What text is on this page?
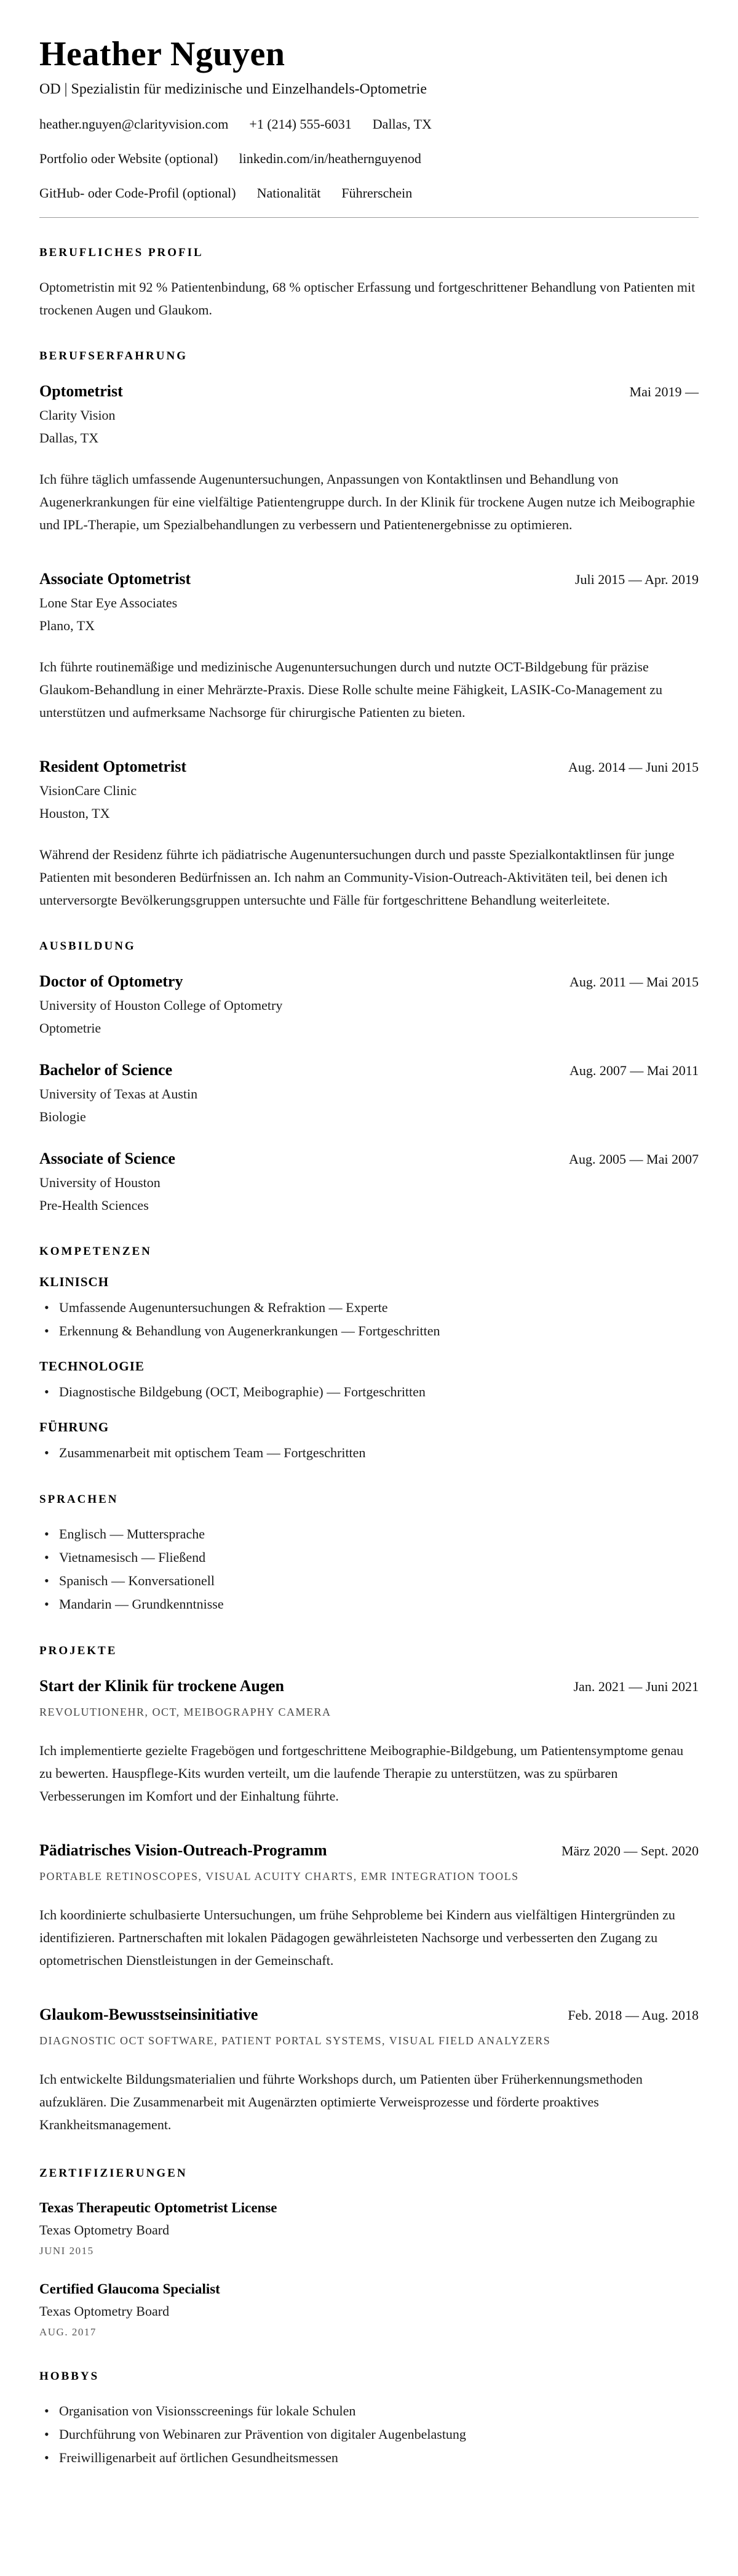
Heather Nguyen
OD | Spezialistin für medizinische und Einzelhandels-Optometrie
heather.nguyen@clarityvision.com +1 (214) 555-6031 Dallas, TX
Portfolio oder Website (optional) linkedin.com/in/heathernguyenod
GitHub- oder Code-Profil (optional) Nationalität Führerschein
BERUFLICHES PROFIL

Optometristin mit 92 % Patientenbindung, 68 % optischer Erfassung und fortgeschrittener Behandlung von Patienten mit trockenen Augen und Glaukom.

BERUFSERFAHRUNG
Optometrist	Mai 2019 —
Clarity Vision
Dallas, TX

Ich führe täglich umfassende Augenuntersuchungen, Anpassungen von Kontaktlinsen und Behandlung von Augenerkrankungen für eine vielfältige Patientengruppe durch. In der Klinik für trockene Augen nutze ich Meibographie und IPL-Therapie, um Spezialbehandlungen zu verbessern und Patientenergebnisse zu optimieren.

Associate Optometrist	Juli 2015 — Apr. 2019
Lone Star Eye Associates
Plano, TX

Ich führte routinemäßige und medizinische Augenuntersuchungen durch und nutzte OCT-Bildgebung für präzise Glaukom-Behandlung in einer Mehrärzte-Praxis. Diese Rolle schulte meine Fähigkeit, LASIK-Co-Management zu unterstützen und aufmerksame Nachsorge für chirurgische Patienten zu bieten.

Resident Optometrist	Aug. 2014 — Juni 2015
VisionCare Clinic
Houston, TX

Während der Residenz führte ich pädiatrische Augenuntersuchungen durch und passte Spezialkontaktlinsen für junge Patienten mit besonderen Bedürfnissen an. Ich nahm an Community-Vision-Outreach-Aktivitäten teil, bei denen ich unterversorgte Bevölkerungsgruppen untersuchte und Fälle für fortgeschrittene Behandlung weiterleitete.

AUSBILDUNG
Doctor of Optometry	Aug. 2011 — Mai 2015
University of Houston College of Optometry
Optometrie
Bachelor of Science	Aug. 2007 — Mai 2011
University of Texas at Austin
Biologie
Associate of Science	Aug. 2005 — Mai 2007
University of Houston
Pre-Health Sciences
KOMPETENZEN
KLINISCH
• Umfassende Augenuntersuchungen & Refraktion — Experte
• Erkennung & Behandlung von Augenerkrankungen — Fortgeschritten
TECHNOLOGIE
• Diagnostische Bildgebung (OCT, Meibographie) — Fortgeschritten
FÜHRUNG
• Zusammenarbeit mit optischem Team — Fortgeschritten
SPRACHEN
• Englisch — Muttersprache
• Vietnamesisch — Fließend
• Spanisch — Konversationell
• Mandarin — Grundkenntnisse
PROJEKTE
Start der Klinik für trockene Augen	Jan. 2021 — Juni 2021
REVOLUTIONEHR, OCT, MEIBOGRAPHY CAMERA

Ich implementierte gezielte Fragebögen und fortgeschrittene Meibographie-Bildgebung, um Patientensymptome genau zu bewerten. Hauspflege-Kits wurden verteilt, um die laufende Therapie zu unterstützen, was zu spürbaren Verbesserungen im Komfort und der Einhaltung führte.

Pädiatrisches Vision-Outreach-Programm	März 2020 — Sept. 2020
PORTABLE RETINOSCOPES, VISUAL ACUITY CHARTS, EMR INTEGRATION TOOLS

Ich koordinierte schulbasierte Untersuchungen, um frühe Sehprobleme bei Kindern aus vielfältigen Hintergründen zu identifizieren. Partnerschaften mit lokalen Pädagogen gewährleisteten Nachsorge und verbesserten den Zugang zu optometrischen Dienstleistungen in der Gemeinschaft.

Glaukom-Bewusstseinsinitiative	Feb. 2018 — Aug. 2018
DIAGNOSTIC OCT SOFTWARE, PATIENT PORTAL SYSTEMS, VISUAL FIELD ANALYZERS

Ich entwickelte Bildungsmaterialien und führte Workshops durch, um Patienten über Früherkennungsmethoden aufzuklären. Die Zusammenarbeit mit Augenärzten optimierte Verweisprozesse und förderte proaktives Krankheitsmanagement.

ZERTIFIZIERUNGEN
Texas Therapeutic Optometrist License
Texas Optometry Board
JUNI 2015
Certified Glaucoma Specialist
Texas Optometry Board
AUG. 2017
HOBBYS
• Organisation von Visionsscreenings für lokale Schulen
• Durchführung von Webinaren zur Prävention von digitaler Augenbelastung
• Freiwilligenarbeit auf örtlichen Gesundheitsmessen
